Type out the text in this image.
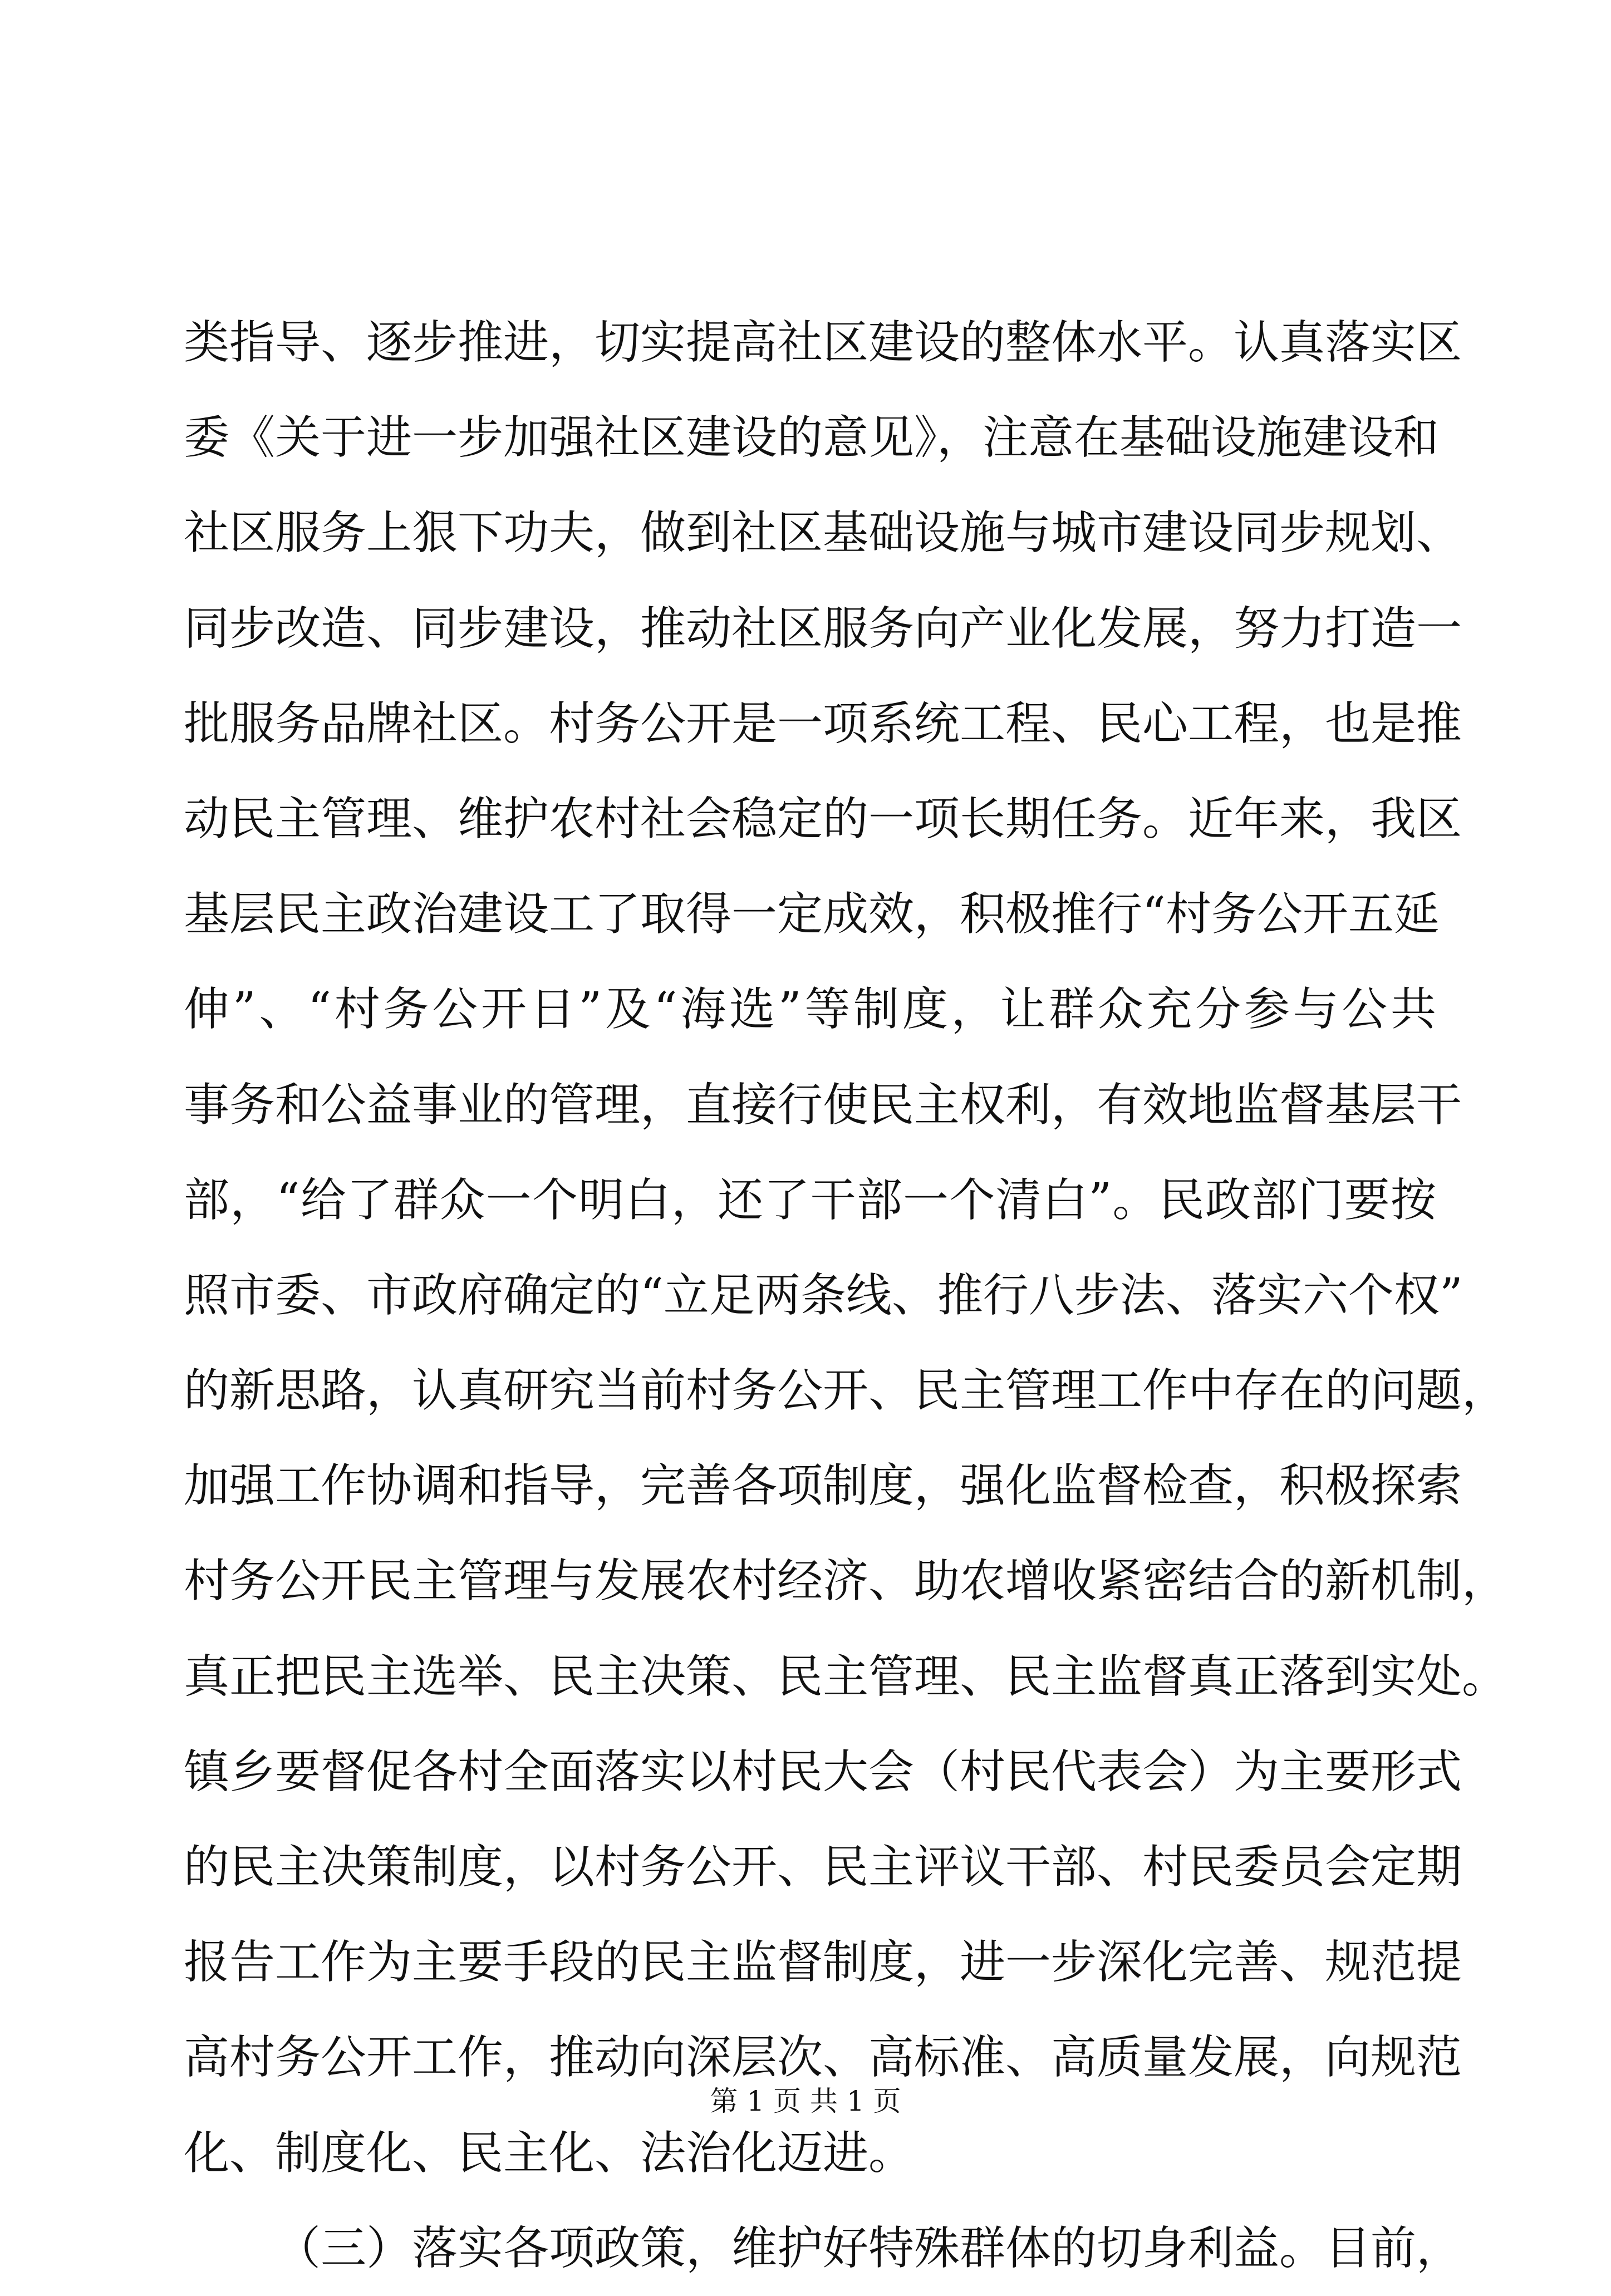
类指导、逐步推进，切实提高社区建设的整体水平。认真落实区
委《关于进一步加强社区建设的意见》，注意在基础设施建设和
社区服务上狠下功夫，做到社区基础设施与城市建设同步规划、
同步改造、同步建设，推动社区服务向产业化发展，努力打造一
批服务品牌社区。村务公开是一项系统工程、民心工程，也是推
动民主管理、维护农村社会稳定的一项长期任务。近年来，我区
基层民主政治建设工了取得一定成效，积极推行“村务公开五延
伸”、“村务公开日”及“海选”等制度，让群众充分参与公共
事务和公益事业的管理，直接行使民主权利，有效地监督基层干
部，“给了群众一个明白，还了干部一个清白”。民政部门要按
照市委、市政府确定的“立足两条线、推行八步法、落实六个权”
的新思路，认真研究当前村务公开、民主管理工作中存在的问题，
加强工作协调和指导，完善各项制度，强化监督检查，积极探索
村务公开民主管理与发展农村经济、助农增收紧密结合的新机制，
真正把民主选举、民主决策、民主管理、民主监督真正落到实处。
镇乡要督促各村全面落实以村民大会（村民代表会）为主要形式
的民主决策制度，以村务公开、民主评议干部、村民委员会定期
报告工作为主要手段的民主监督制度，进一步深化完善、规范提
高村务公开工作，推动向深层次、高标准、高质量发展，向规范
化、制度化、民主化、法治化迈进。
（三）落实各项政策，维护好特殊群体的切身利益。目前，
第 1 页 共 1 页
